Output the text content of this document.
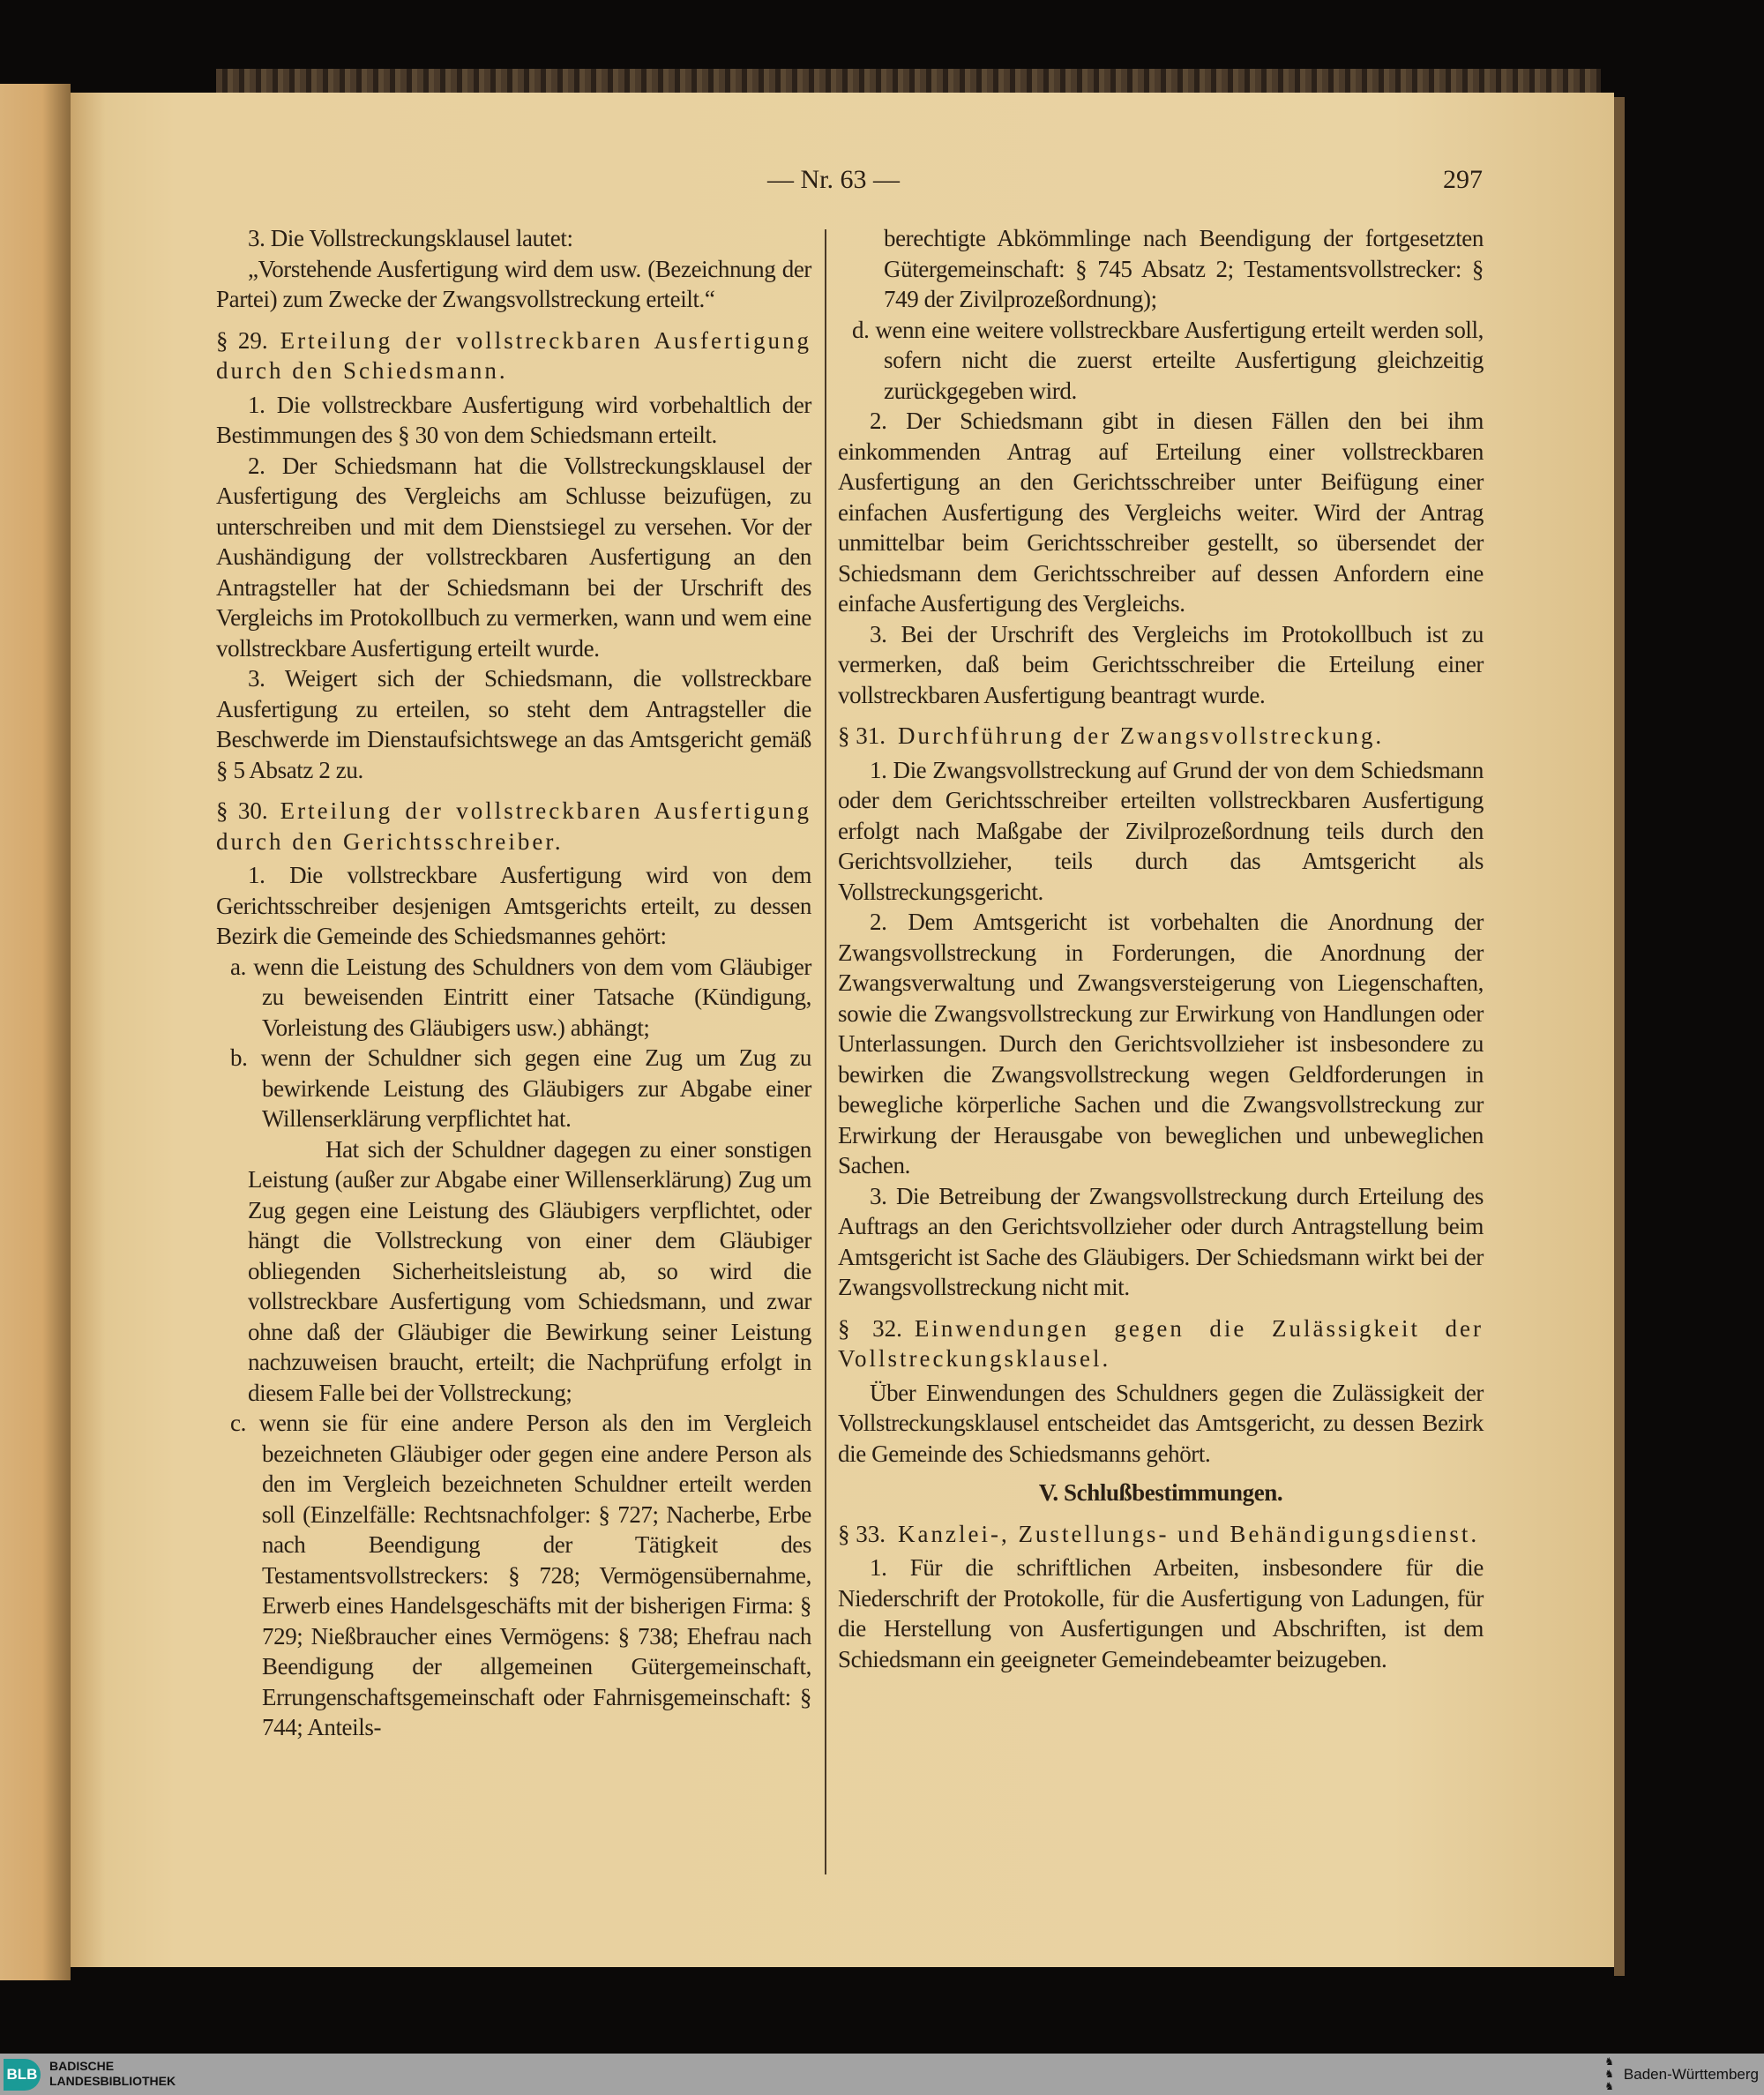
— Nr. 63 —	297

3. Die Vollstreckungsklausel lautet:

„Vorstehende Ausfertigung wird dem usw. (Bezeichnung der Partei) zum Zwecke der Zwangsvollstreckung erteilt.“

§ 29. Erteilung der vollstreckbaren Ausfertigung durch den Schiedsmann.

1. Die vollstreckbare Ausfertigung wird vorbehaltlich der Bestimmungen des § 30 von dem Schiedsmann erteilt.

2. Der Schiedsmann hat die Vollstreckungsklausel der Ausfertigung des Vergleichs am Schlusse beizufügen, zu unterschreiben und mit dem Dienstsiegel zu versehen. Vor der Aushändigung der vollstreckbaren Ausfertigung an den Antragsteller hat der Schiedsmann bei der Urschrift des Vergleichs im Protokollbuch zu vermerken, wann und wem eine vollstreckbare Ausfertigung erteilt wurde.

3. Weigert sich der Schiedsmann, die vollstreckbare Ausfertigung zu erteilen, so steht dem Antragsteller die Beschwerde im Dienstaufsichtswege an das Amtsgericht gemäß § 5 Absatz 2 zu.

§ 30. Erteilung der vollstreckbaren Ausfertigung durch den Gerichtsschreiber.

1. Die vollstreckbare Ausfertigung wird von dem Gerichtsschreiber desjenigen Amtsgerichts erteilt, zu dessen Bezirk die Gemeinde des Schiedsmannes gehört:

a. wenn die Leistung des Schuldners von dem vom Gläubiger zu beweisenden Eintritt einer Tatsache (Kündigung, Vorleistung des Gläubigers usw.) abhängt;

b. wenn der Schuldner sich gegen eine Zug um Zug zu bewirkende Leistung des Gläubigers zur Abgabe einer Willenserklärung verpflichtet hat.

Hat sich der Schuldner dagegen zu einer sonstigen Leistung (außer zur Abgabe einer Willenserklärung) Zug um Zug gegen eine Leistung des Gläubigers verpflichtet, oder hängt die Vollstreckung von einer dem Gläubiger obliegenden Sicherheitsleistung ab, so wird die vollstreckbare Ausfertigung vom Schiedsmann, und zwar ohne daß der Gläubiger die Bewirkung seiner Leistung nachzuweisen braucht, erteilt; die Nachprüfung erfolgt in diesem Falle bei der Vollstreckung;

c. wenn sie für eine andere Person als den im Vergleich bezeichneten Gläubiger oder gegen eine andere Person als den im Vergleich bezeichneten Schuldner erteilt werden soll (Einzelfälle: Rechtsnachfolger: § 727; Nacherbe, Erbe nach Beendigung der Tätigkeit des Testamentsvollstreckers: § 728; Vermögensübernahme, Erwerb eines Handelsgeschäfts mit der bisherigen Firma: § 729; Nießbraucher eines Vermögens: § 738; Ehefrau nach Beendigung der allgemeinen Gütergemeinschaft, Errungenschaftsgemeinschaft oder Fahrnisgemeinschaft: § 744; Anteils-

berechtigte Abkömmlinge nach Beendigung der fortgesetzten Gütergemeinschaft: § 745 Absatz 2; Testamentsvollstrecker: § 749 der Zivilprozeßordnung);

d. wenn eine weitere vollstreckbare Ausfertigung erteilt werden soll, sofern nicht die zuerst erteilte Ausfertigung gleichzeitig zurückgegeben wird.

2. Der Schiedsmann gibt in diesen Fällen den bei ihm einkommenden Antrag auf Erteilung einer vollstreckbaren Ausfertigung an den Gerichtsschreiber unter Beifügung einer einfachen Ausfertigung des Vergleichs weiter. Wird der Antrag unmittelbar beim Gerichtsschreiber gestellt, so übersendet der Schiedsmann dem Gerichtsschreiber auf dessen Anfordern eine einfache Ausfertigung des Vergleichs.

3. Bei der Urschrift des Vergleichs im Protokollbuch ist zu vermerken, daß beim Gerichtsschreiber die Erteilung einer vollstreckbaren Ausfertigung beantragt wurde.

§ 31. Durchführung der Zwangsvollstreckung.

1. Die Zwangsvollstreckung auf Grund der von dem Schiedsmann oder dem Gerichtsschreiber erteilten vollstreckbaren Ausfertigung erfolgt nach Maßgabe der Zivilprozeßordnung teils durch den Gerichtsvollzieher, teils durch das Amtsgericht als Vollstreckungsgericht.

2. Dem Amtsgericht ist vorbehalten die Anordnung der Zwangsvollstreckung in Forderungen, die Anordnung der Zwangsverwaltung und Zwangsversteigerung von Liegenschaften, sowie die Zwangsvollstreckung zur Erwirkung von Handlungen oder Unterlassungen. Durch den Gerichtsvollzieher ist insbesondere zu bewirken die Zwangsvollstreckung wegen Geldforderungen in bewegliche körperliche Sachen und die Zwangsvollstreckung zur Erwirkung der Herausgabe von beweglichen und unbeweglichen Sachen.

3. Die Betreibung der Zwangsvollstreckung durch Erteilung des Auftrags an den Gerichtsvollzieher oder durch Antragstellung beim Amtsgericht ist Sache des Gläubigers. Der Schiedsmann wirkt bei der Zwangsvollstreckung nicht mit.

§ 32. Einwendungen gegen die Zulässigkeit der Vollstreckungsklausel.

Über Einwendungen des Schuldners gegen die Zulässigkeit der Vollstreckungsklausel entscheidet das Amtsgericht, zu dessen Bezirk die Gemeinde des Schiedsmanns gehört.

V. Schlußbestimmungen.

§ 33. Kanzlei-, Zustellungs- und Behändigungsdienst.

1. Für die schriftlichen Arbeiten, insbesondere für die Niederschrift der Protokolle, für die Ausfertigung von Ladungen, für die Herstellung von Ausfertigungen und Abschriften, ist dem Schiedsmann ein geeigneter Gemeindebeamter beizugeben.

BLB BADISCHE
LANDESBIBLIOTHEK
♞
♞
♞
Baden-Württemberg
